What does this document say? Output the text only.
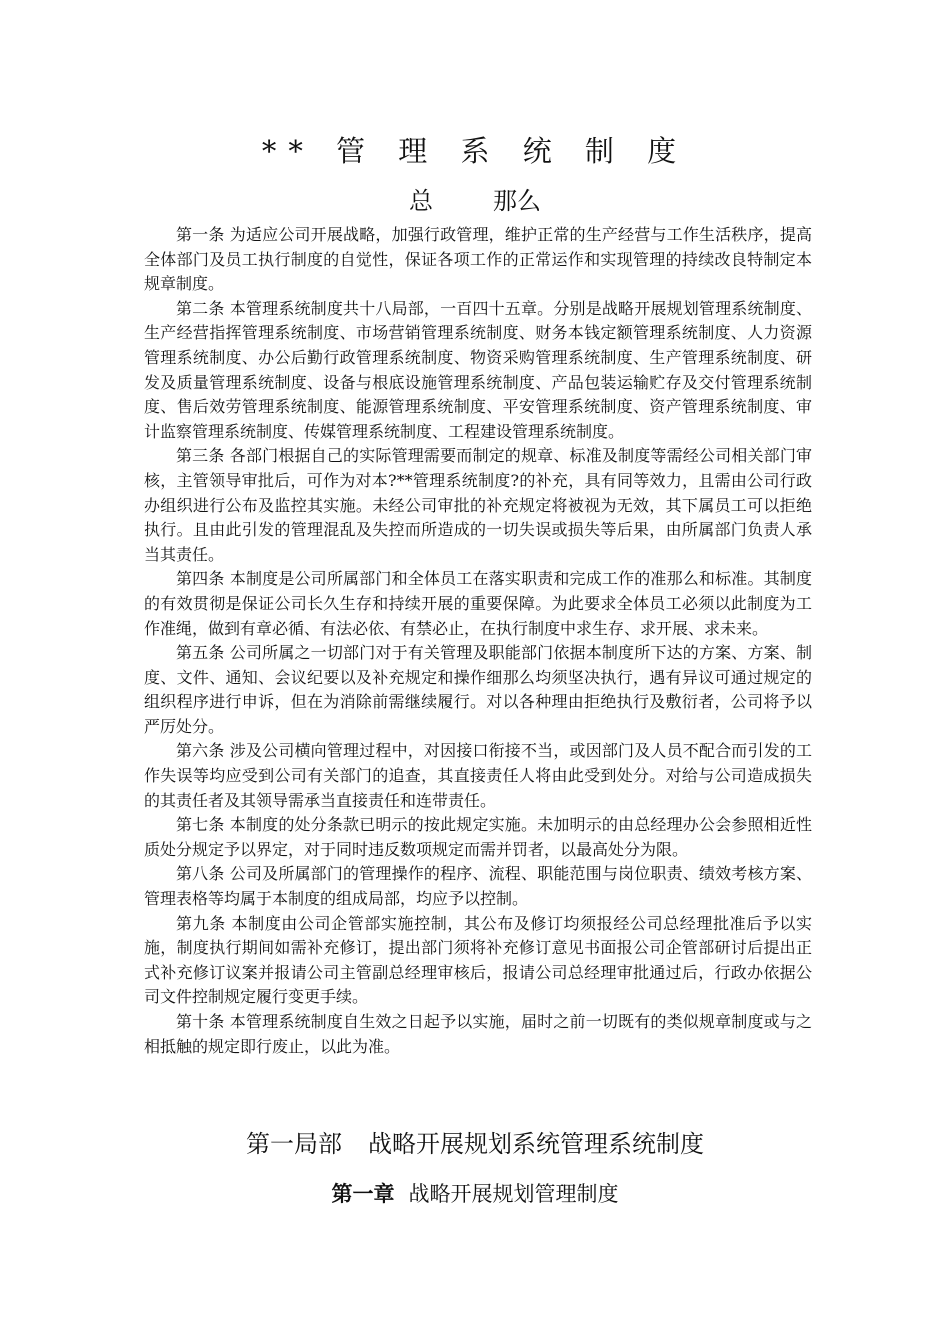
** 管 理 系 统 制 度
总	那么

第一条 为适应公司开展战略，加强行政管理，维护正常的生产经营与工作生活秩序，提高全体部门及员工执行制度的自觉性，保证各项工作的正常运作和实现管理的持续改良特制定本规章制度。

第二条 本管理系统制度共十八局部，一百四十五章。分别是战略开展规划管理系统制度、生产经营指挥管理系统制度、市场营销管理系统制度、财务本钱定额管理系统制度、人力资源管理系统制度、办公后勤行政管理系统制度、物资采购管理系统制度、生产管理系统制度、研发及质量管理系统制度、设备与根底设施管理系统制度、产品包装运输贮存及交付管理系统制度、售后效劳管理系统制度、能源管理系统制度、平安管理系统制度、资产管理系统制度、审计监察管理系统制度、传媒管理系统制度、工程建设管理系统制度。

第三条 各部门根据自己的实际管理需要而制定的规章、标准及制度等需经公司相关部门审核，主管领导审批后，可作为对本?**管理系统制度?的补充，具有同等效力，且需由公司行政办组织进行公布及监控其实施。未经公司审批的补充规定将被视为无效，其下属员工可以拒绝执行。且由此引发的管理混乱及失控而所造成的一切失误或损失等后果，由所属部门负责人承当其责任。

第四条 本制度是公司所属部门和全体员工在落实职责和完成工作的准那么和标准。其制度的有效贯彻是保证公司长久生存和持续开展的重要保障。为此要求全体员工必须以此制度为工作准绳，做到有章必循、有法必依、有禁必止，在执行制度中求生存、求开展、求未来。

第五条 公司所属之一切部门对于有关管理及职能部门依据本制度所下达的方案、方案、制度、文件、通知、会议纪要以及补充规定和操作细那么均须坚决执行，遇有异议可通过规定的组织程序进行申诉，但在为消除前需继续履行。对以各种理由拒绝执行及敷衍者，公司将予以严厉处分。

第六条 涉及公司横向管理过程中，对因接口衔接不当，或因部门及人员不配合而引发的工作失误等均应受到公司有关部门的追查，其直接责任人将由此受到处分。对给与公司造成损失的其责任者及其领导需承当直接责任和连带责任。

第七条 本制度的处分条款已明示的按此规定实施。未加明示的由总经理办公会参照相近性质处分规定予以界定，对于同时违反数项规定而需并罚者，以最高处分为限。

第八条 公司及所属部门的管理操作的程序、流程、职能范围与岗位职责、绩效考核方案、管理表格等均属于本制度的组成局部，均应予以控制。

第九条 本制度由公司企管部实施控制，其公布及修订均须报经公司总经理批准后予以实施，制度执行期间如需补充修订，提出部门须将补充修订意见书面报公司企管部研讨后提出正式补充修订议案并报请公司主管副总经理审核后，报请公司总经理审批通过后，行政办依据公司文件控制规定履行变更手续。

第十条 本管理系统制度自生效之日起予以实施，届时之前一切既有的类似规章制度或与之相抵触的规定即行废止，以此为准。

第一局部 战略开展规划系统管理系统制度
第一章 战略开展规划管理制度
